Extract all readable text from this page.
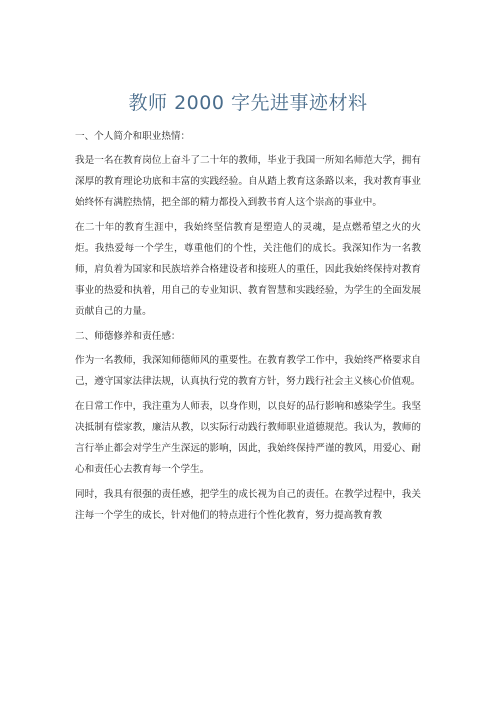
教师 2000 字先进事迹材料

一、个人简介和职业热情：

我是一名在教育岗位上奋斗了二十年的教师，毕业于我国一所知名师范大学，拥有深厚的教育理论功底和丰富的实践经验。自从踏上教育这条路以来，我对教育事业始终怀有满腔热情，把全部的精力都投入到教书育人这个崇高的事业中。

在二十年的教育生涯中，我始终坚信教育是塑造人的灵魂，是点燃希望之火的火炬。我热爱每一个学生，尊重他们的个性，关注他们的成长。我深知作为一名教师，肩负着为国家和民族培养合格建设者和接班人的重任，因此我始终保持对教育事业的热爱和执着，用自己的专业知识、教育智慧和实践经验，为学生的全面发展贡献自己的力量。

二、师德修养和责任感：

作为一名教师，我深知师德师风的重要性。在教育教学工作中，我始终严格要求自己，遵守国家法律法规，认真执行党的教育方针，努力践行社会主义核心价值观。

在日常工作中，我注重为人师表，以身作则，以良好的品行影响和感染学生。我坚决抵制有偿家教，廉洁从教，以实际行动践行教师职业道德规范。我认为，教师的言行举止都会对学生产生深远的影响，因此，我始终保持严谨的教风，用爱心、耐心和责任心去教育每一个学生。

同时，我具有很强的责任感，把学生的成长视为自己的责任。在教学过程中，我关注每一个学生的成长，针对他们的特点进行个性化教育，努力提高教育教
